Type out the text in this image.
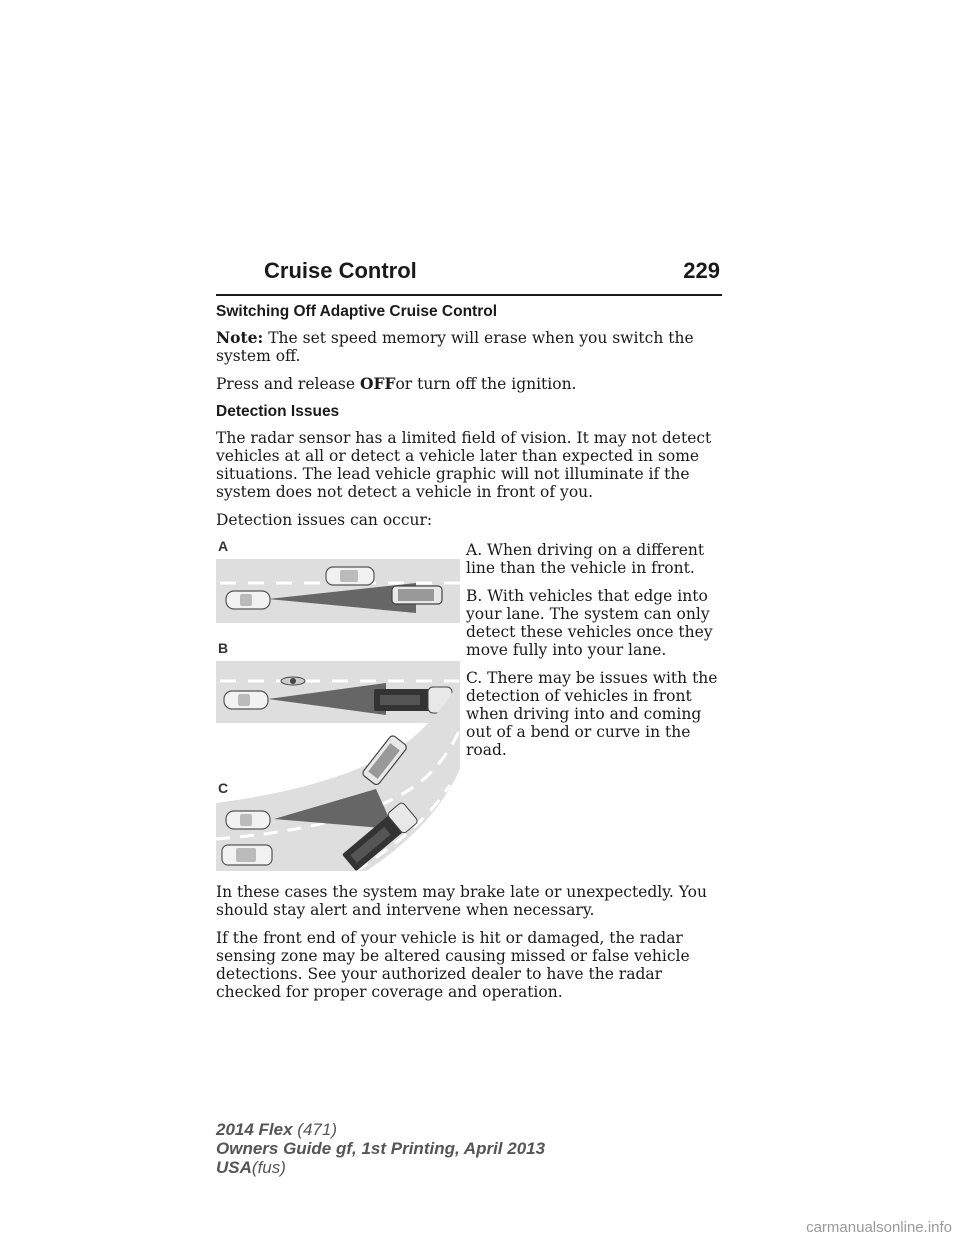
Cruise Control	229
Switching Off Adaptive Cruise Control

Note: The set speed memory will erase when you switch the system off.

Press and release OFFor turn off the ignition.

Detection Issues

The radar sensor has a limited field of vision. It may not detect vehicles at all or detect a vehicle later than expected in some situations. The lead vehicle graphic will not illuminate if the system does not detect a vehicle in front of you.

Detection issues can occur:

A
B
C

A. When driving on a different line than the vehicle in front.

B. With vehicles that edge into your lane. The system can only detect these vehicles once they move fully into your lane.

C. There may be issues with the detection of vehicles in front when driving into and coming out of a bend or curve in the road.

In these cases the system may brake late or unexpectedly. You should stay alert and intervene when necessary.

If the front end of your vehicle is hit or damaged, the radar sensing zone may be altered causing missed or false vehicle detections. See your authorized dealer to have the radar checked for proper coverage and operation.

2014 Flex (471)
Owners Guide gf, 1st Printing, April 2013
USA(fus)
carmanualsonline.info
